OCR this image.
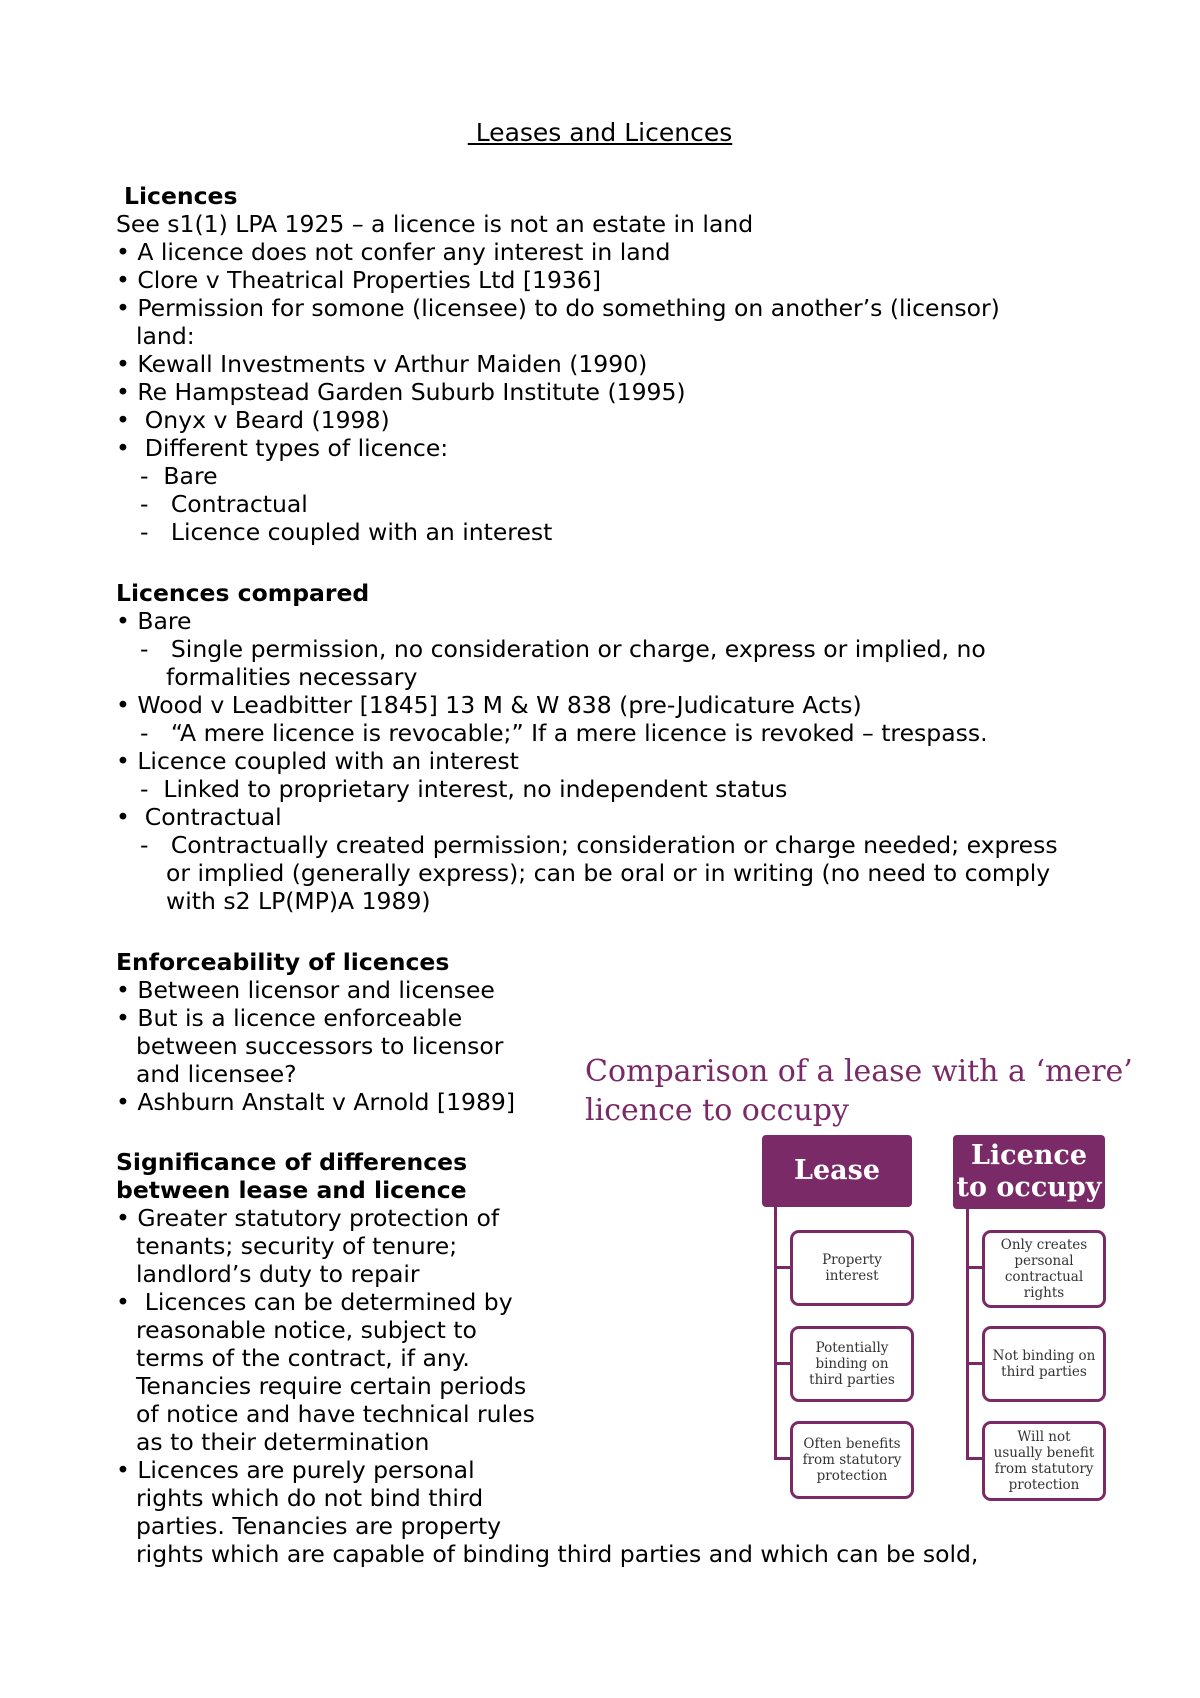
Leases and Licences
Licences
See s1(1) LPA 1925 – a licence is not an estate in land
• A licence does not confer any interest in land
• Clore v Theatrical Properties Ltd [1936]
• Permission for somone (licensee) to do something on another’s (licensor)
land:
• Kewall Investments v Arthur Maiden (1990)
• Re Hampstead Garden Suburb Institute (1995)
•  Onyx v Beard (1998)
•  Different types of licence:
-  Bare
-   Contractual
-   Licence coupled with an interest
Licences compared
• Bare
-   Single permission, no consideration or charge, express or implied, no
formalities necessary
• Wood v Leadbitter [1845] 13 M & W 838 (pre-Judicature Acts)
-   “A mere licence is revocable;” If a mere licence is revoked – trespass.
• Licence coupled with an interest
-  Linked to proprietary interest, no independent status
•  Contractual
-   Contractually created permission; consideration or charge needed; express
or implied (generally express); can be oral or in writing (no need to comply
with s2 LP(MP)A 1989)
Enforceability of licences
• Between licensor and licensee
• But is a licence enforceable
between successors to licensor
and licensee?
• Ashburn Anstalt v Arnold [1989]
Significance of differences
between lease and licence
• Greater statutory protection of
tenants; security of tenure;
landlord’s duty to repair
•  Licences can be determined by
reasonable notice, subject to
terms of the contract, if any.
Tenancies require certain periods
of notice and have technical rules
as to their determination
• Licences are purely personal
rights which do not bind third
parties. Tenancies are property
rights which are capable of binding third parties and which can be sold,
Comparison of a lease with a ‘mere’
licence to occupy
Lease
Property interest
Potentially binding on third parties
Often benefits from statutory protection
Licence
to occupy
Only creates personal contractual rights
Not binding on third parties
Will not usually benefit from statutory protection
